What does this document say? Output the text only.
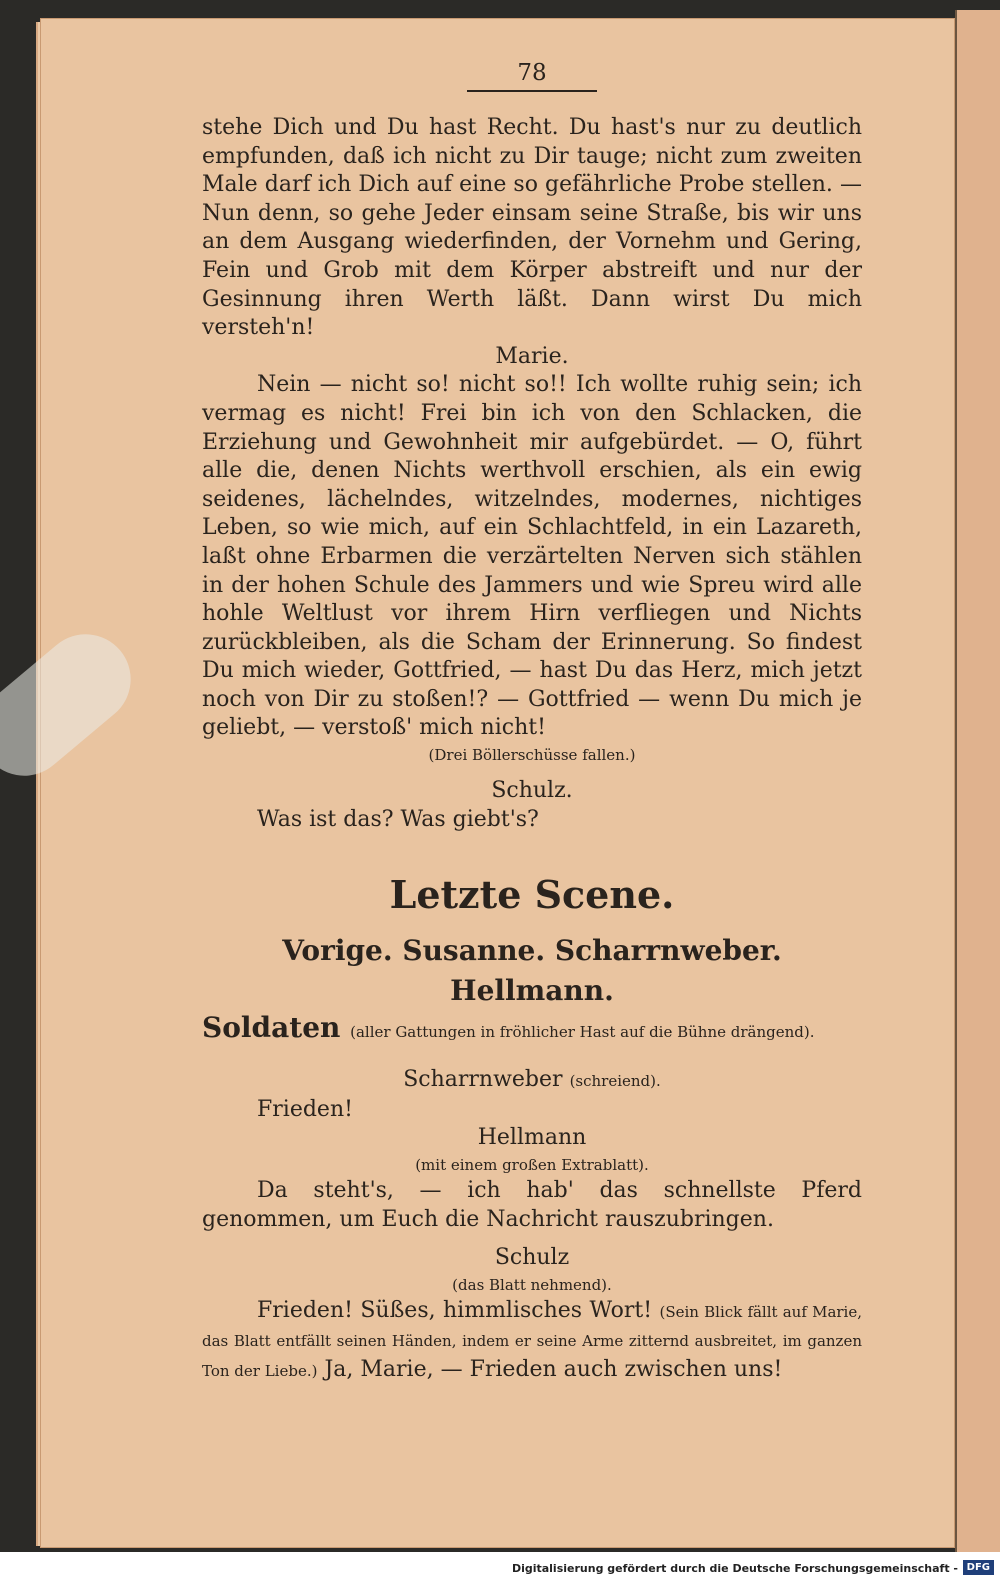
78

stehe Dich und Du hast Recht. Du hast's nur zu deutlich empfunden, daß ich nicht zu Dir tauge; nicht zum zweiten Male darf ich Dich auf eine so gefährliche Probe stellen. — Nun denn, so gehe Jeder einsam seine Straße, bis wir uns an dem Ausgang wiederfinden, der Vornehm und Gering, Fein und Grob mit dem Körper abstreift und nur der Gesinnung ihren Werth läßt. Dann wirst Du mich versteh'n!

Marie.

Nein — nicht so! nicht so!! Ich wollte ruhig sein; ich vermag es nicht! Frei bin ich von den Schlacken, die Erziehung und Gewohnheit mir aufgebürdet. — O, führt alle die, denen Nichts werthvoll erschien, als ein ewig seidenes, lächelndes, witzelndes, modernes, nichtiges Leben, so wie mich, auf ein Schlachtfeld, in ein Lazareth, laßt ohne Erbarmen die verzärtelten Nerven sich stählen in der hohen Schule des Jammers und wie Spreu wird alle hohle Weltlust vor ihrem Hirn verfliegen und Nichts zurückbleiben, als die Scham der Erinnerung. So findest Du mich wieder, Gottfried, — hast Du das Herz, mich jetzt noch von Dir zu stoßen!? — Gottfried — wenn Du mich je geliebt, — verstoß' mich nicht!

(Drei Böllerschüsse fallen.)
Schulz.

Was ist das? Was giebt's?

Letzte Scene.
Vorige. Susanne. Scharrnweber. Hellmann.
Soldaten (aller Gattungen in fröhlicher Hast auf die Bühne drängend).
Scharrnweber (schreiend).

Frieden!

Hellmann
(mit einem großen Extrablatt).

Da steht's, — ich hab' das schnellste Pferd genommen, um Euch die Nachricht rauszubringen.

Schulz
(das Blatt nehmend).

Frieden! Süßes, himmlisches Wort! (Sein Blick fällt auf Marie, das Blatt entfällt seinen Händen, indem er seine Arme zitternd ausbreitet, im ganzen Ton der Liebe.) Ja, Marie, — Frieden auch zwischen uns!

Digitalisierung gefördert durch die Deutsche Forschungsgemeinschaft - DFG
